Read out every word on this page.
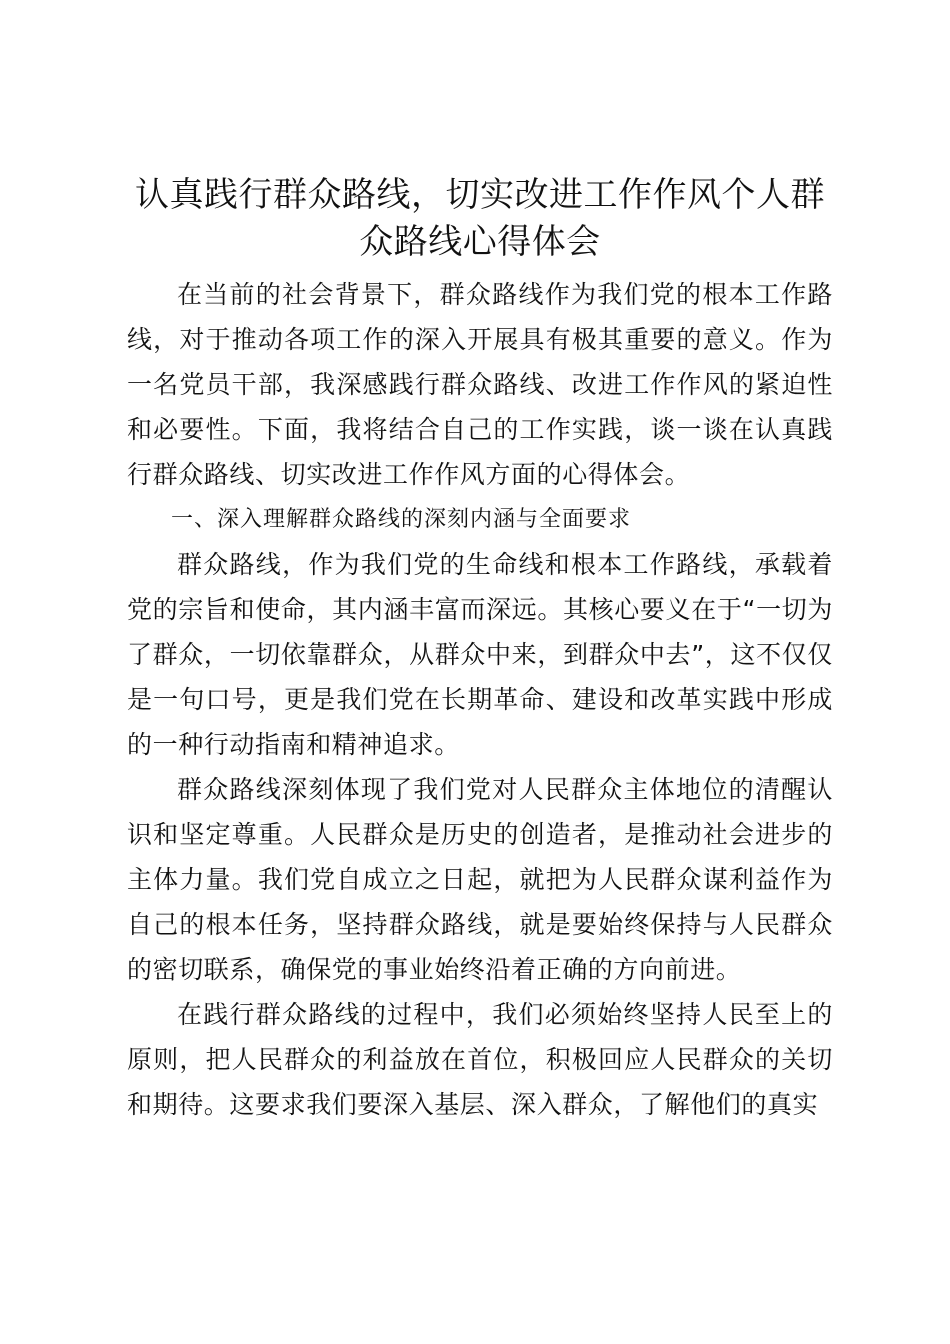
认真践行群众路线，切实改进工作作风个人群众路线心得体会

在当前的社会背景下，群众路线作为我们党的根本工作路线，对于推动各项工作的深入开展具有极其重要的意义。作为一名党员干部，我深感践行群众路线、改进工作作风的紧迫性和必要性。下面，我将结合自己的工作实践，谈一谈在认真践行群众路线、切实改进工作作风方面的心得体会。

一、深入理解群众路线的深刻内涵与全面要求

群众路线，作为我们党的生命线和根本工作路线，承载着党的宗旨和使命，其内涵丰富而深远。其核心要义在于“一切为了群众，一切依靠群众，从群众中来，到群众中去”，这不仅仅是一句口号，更是我们党在长期革命、建设和改革实践中形成的一种行动指南和精神追求。

群众路线深刻体现了我们党对人民群众主体地位的清醒认识和坚定尊重。人民群众是历史的创造者，是推动社会进步的主体力量。我们党自成立之日起，就把为人民群众谋利益作为自己的根本任务，坚持群众路线，就是要始终保持与人民群众的密切联系，确保党的事业始终沿着正确的方向前进。

在践行群众路线的过程中，我们必须始终坚持人民至上的原则，把人民群众的利益放在首位，积极回应人民群众的关切和期待。这要求我们要深入基层、深入群众，了解他们的真实
